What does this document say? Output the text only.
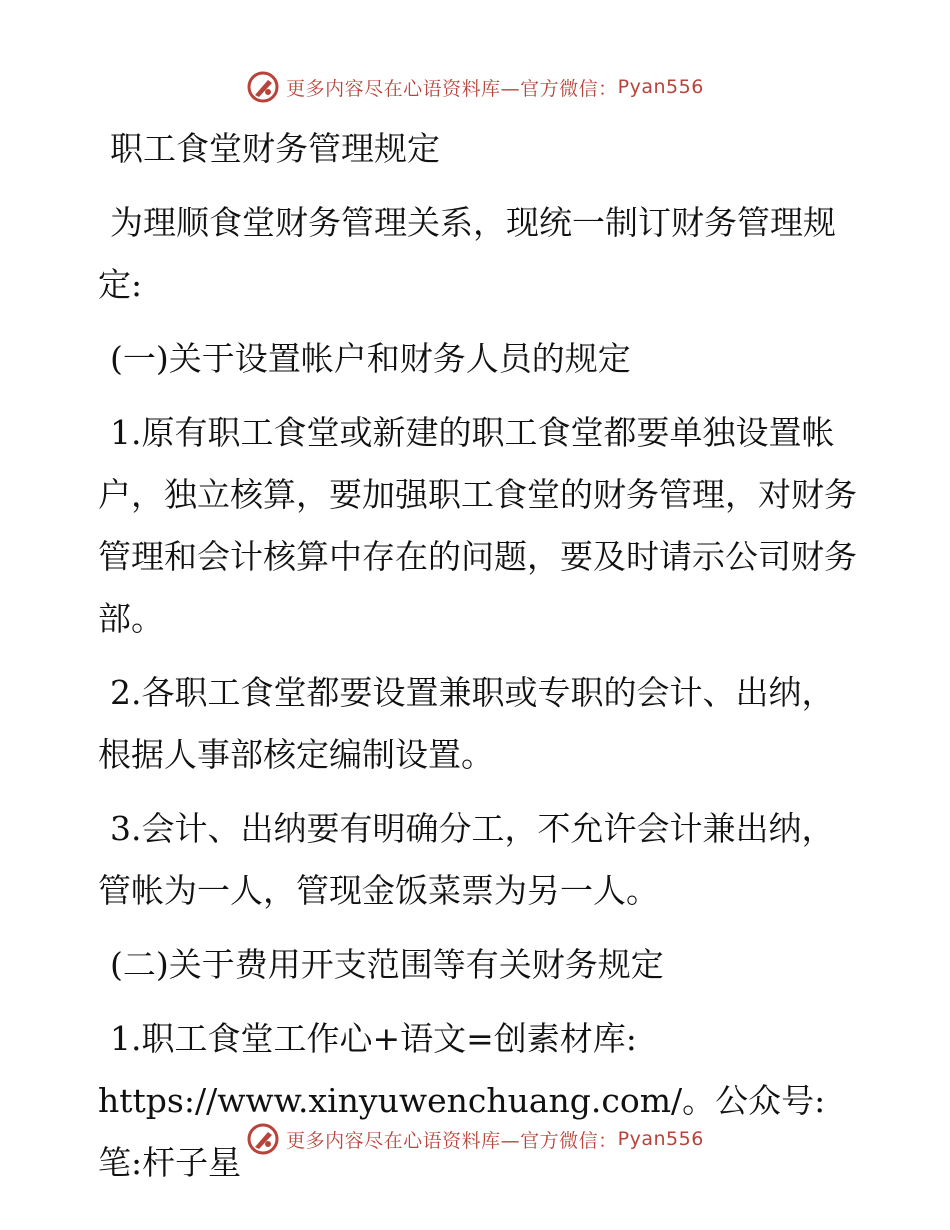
更多内容尽在心语资料库—官方微信： Pyan556

职工食堂财务管理规定

为理顺食堂财务管理关系，现统一制订财务管理规定:

(一)关于设置帐户和财务人员的规定

1.原有职工食堂或新建的职工食堂都要单独设置帐户，独立核算，要加强职工食堂的财务管理，对财务管理和会计核算中存在的问题，要及时请示公司财务部。

2.各职工食堂都要设置兼职或专职的会计、出纳，根据人事部核定编制设置。

3.会计、出纳要有明确分工，不允许会计兼出纳，管帐为一人，管现金饭菜票为另一人。

(二)关于费用开支范围等有关财务规定

1.职工食堂工作心+语文=创素材库: https://www.xinyuwenchuang.com/。公众号: 笔:杆子星

更多内容尽在心语资料库—官方微信： Pyan556
